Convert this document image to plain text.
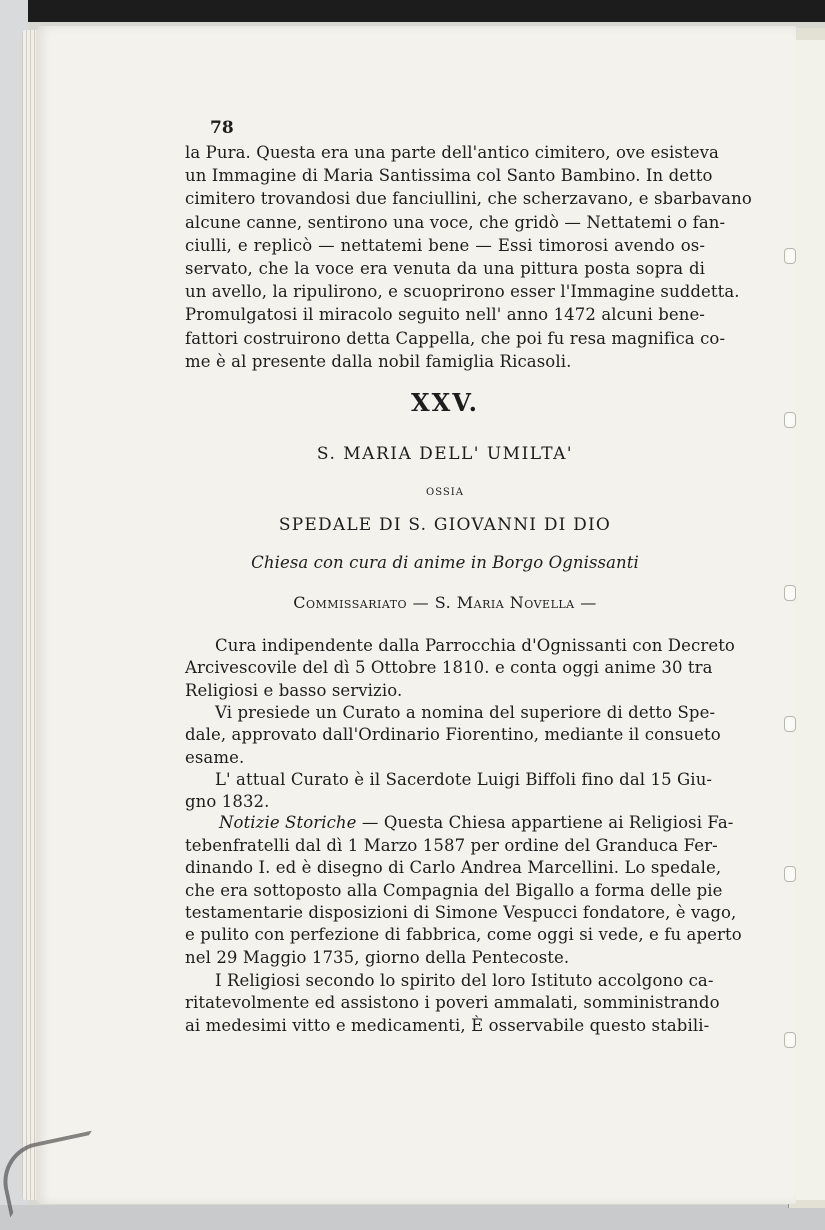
78
la Pura. Questa era una parte dell'antico cimitero, ove esisteva
un Immagine di Maria Santissima col Santo Bambino. In detto
cimitero trovandosi due fanciullini, che scherzavano, e sbarbavano
alcune canne, sentirono una voce, che gridò — Nettatemi o fan-
ciulli, e replicò — nettatemi bene — Essi timorosi avendo os-
servato, che la voce era venuta da una pittura posta sopra di
un avello, la ripulirono, e scuoprirono esser l'Immagine suddetta.
Promulgatosi il miracolo seguito nell' anno 1472 alcuni bene-
fattori costruirono detta Cappella, che poi fu resa magnifica co-
me è al presente dalla nobil famiglia Ricasoli.
XXV.
S. MARIA DELL' UMILTA'
OSSIA
SPEDALE DI S. GIOVANNI DI DIO
Chiesa con cura di anime in Borgo Ognissanti
Commissariato — S. Maria Novella —
Cura indipendente dalla Parrocchia d'Ognissanti con Decreto
Arcivescovile del dì 5 Ottobre 1810. e conta oggi anime 30 tra
Religiosi e basso servizio.
Vi presiede un Curato a nomina del superiore di detto Spe-
dale, approvato dall'Ordinario Fiorentino, mediante il consueto
esame.
L' attual Curato è il Sacerdote Luigi Biffoli fino dal 15 Giu-
gno 1832.
Notizie Storiche — Questa Chiesa appartiene ai Religiosi Fa-
tebenfratelli dal dì 1 Marzo 1587 per ordine del Granduca Fer-
dinando I. ed è disegno di Carlo Andrea Marcellini. Lo spedale,
che era sottoposto alla Compagnia del Bigallo a forma delle pie
testamentarie disposizioni di Simone Vespucci fondatore, è vago,
e pulito con perfezione di fabbrica, come oggi si vede, e fu aperto
nel 29 Maggio 1735, giorno della Pentecoste.
I Religiosi secondo lo spirito del loro Istituto accolgono ca-
ritatevolmente ed assistono i poveri ammalati, somministrando
ai medesimi vitto e medicamenti, È osservabile questo stabili-
